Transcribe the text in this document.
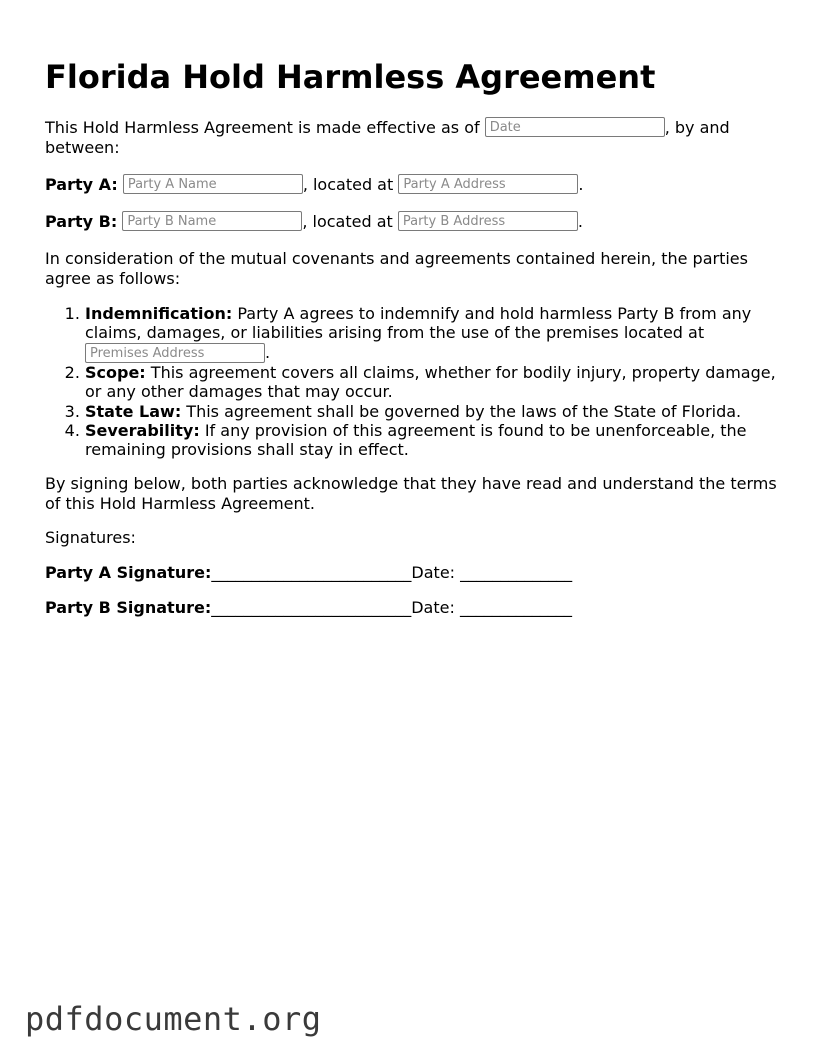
Florida Hold Harmless Agreement
This Hold Harmless Agreement is made effective as of Date	, by and between:
Party A: Party A Name	, located at Party A Address	.
Party B: Party B Name	, located at Party B Address	.
In consideration of the mutual covenants and agreements contained herein, the parties agree as follows:
1. Indemnification: Party A agrees to indemnify and hold harmless Party B from any claims, damages, or liabilities arising from the use of the premises located at Premises Address.
2. Scope: This agreement covers all claims, whether for bodily injury, property damage, or any other damages that may occur.
3. State Law: This agreement shall be governed by the laws of the State of Florida.
4. Severability: If any provision of this agreement is found to be unenforceable, the remaining provisions shall stay in effect.
By signing below, both parties acknowledge that they have read and understand the terms of this Hold Harmless Agreement.
Signatures:
Party A Signature:_________________________Date: ______________
Party B Signature:_________________________Date: ______________
pdfdocument.org
